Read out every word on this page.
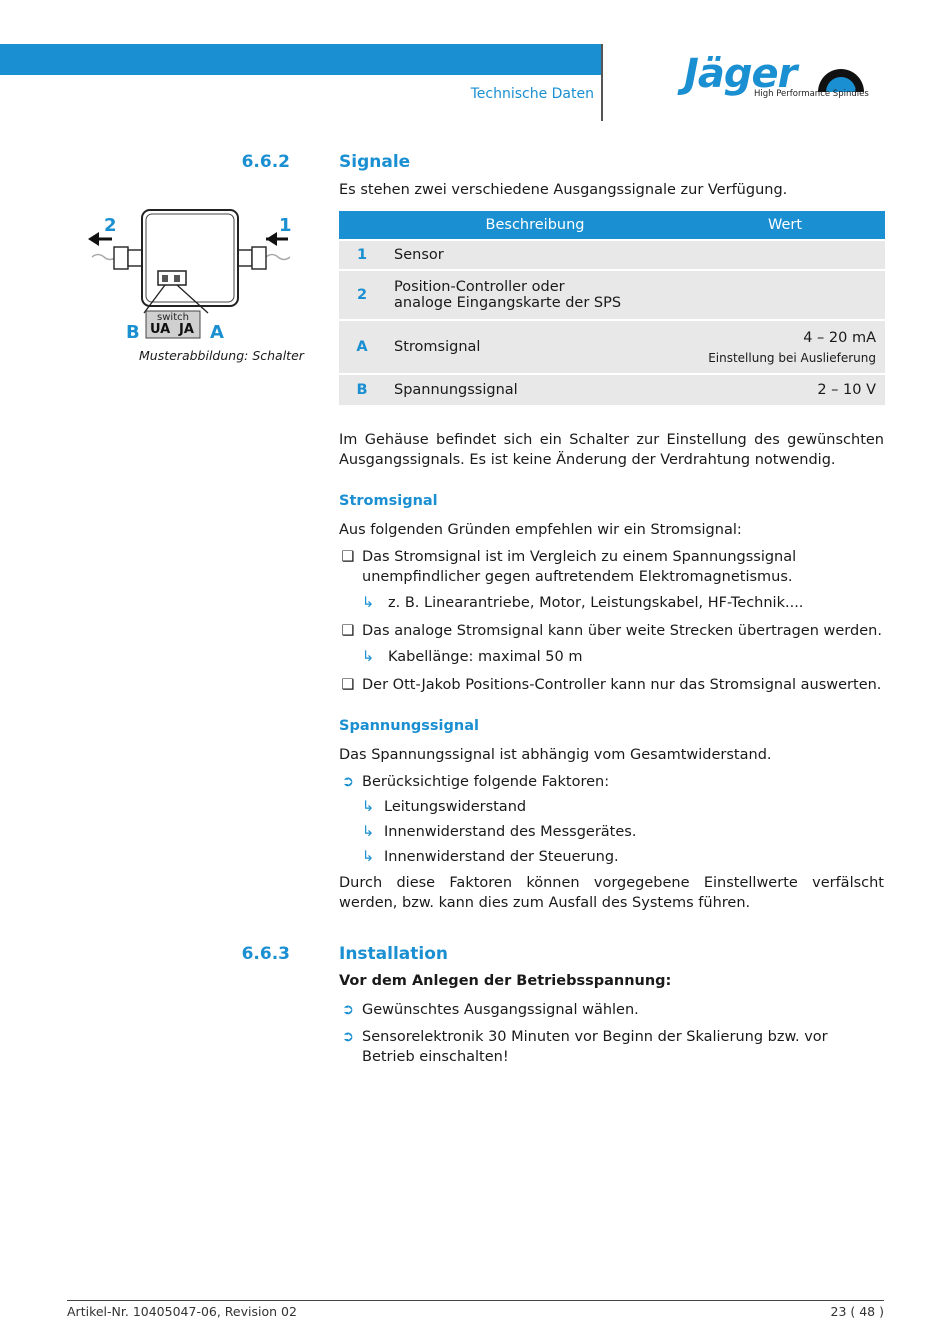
Technische Daten Jäger
High Performance Spindles
2	1
B	A
switch
UA JA
Musterabbildung: Schalter
6.6.2	Signale
Es stehen zwei verschiedene Ausgangssignale zur Verfügung.
	Beschreibung	Wert
1	Sensor	
2	Position-Controller oder
analoge Eingangskarte der SPS	

A	Stromsignal	4 – 20 mA
Einstellung bei Auslieferung

B	Spannungssignal	2 – 10 V
Im Gehäuse befindet sich ein Schalter zur Einstellung des gewünschten Ausgangssignals. Es ist keine Änderung der Verdrahtung notwendig.
Stromsignal
Aus folgenden Gründen empfehlen wir ein Stromsignal:
❑ Das Stromsignal ist im Vergleich zu einem Spannungssignal unempfindlicher gegen auftretendem Elektromagnetismus.
↳ z. B. Linearantriebe, Motor, Leistungskabel, HF-Technik....
❑ Das analoge Stromsignal kann über weite Strecken übertragen werden.
↳ Kabellänge: maximal 50 m
❑ Der Ott-Jakob Positions-Controller kann nur das Stromsignal auswerten.
Spannungssignal
Das Spannungssignal ist abhängig vom Gesamtwiderstand.
➲ Berücksichtige folgende Faktoren:
↳ Leitungswiderstand
↳ Innenwiderstand des Messgerätes.
↳ Innenwiderstand der Steuerung.
Durch diese Faktoren können vorgegebene Einstellwerte verfälscht werden, bzw. kann dies zum Ausfall des Systems führen.
6.6.3	Installation
Vor dem Anlegen der Betriebsspannung:
➲ Gewünschtes Ausgangssignal wählen.
➲ Sensorelektronik 30 Minuten vor Beginn der Skalierung bzw. vor Betrieb einschalten!
Artikel-Nr. 10405047-06, Revision 02	23 ( 48 )
